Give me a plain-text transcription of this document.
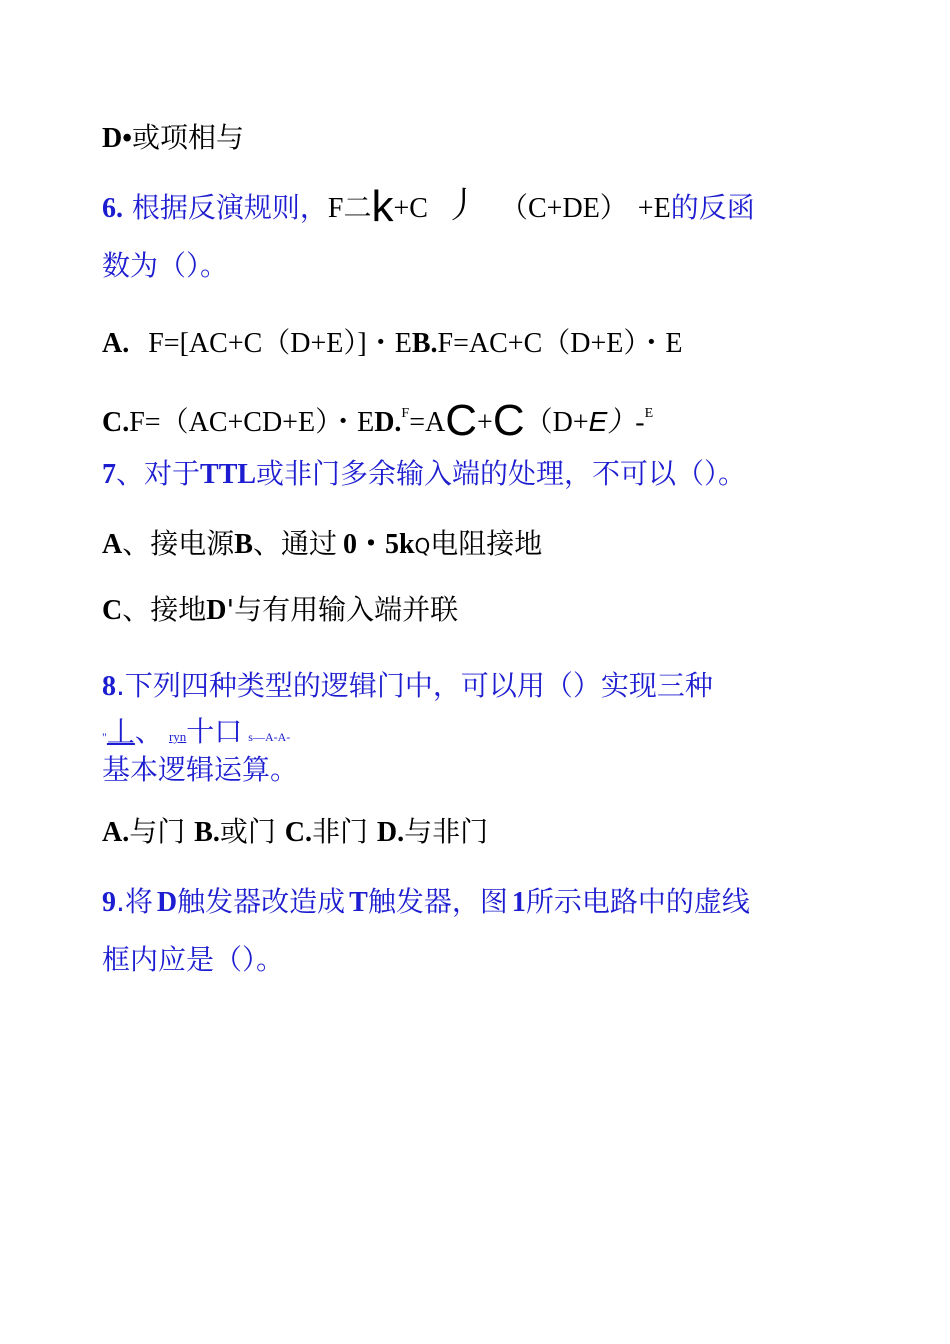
D•或项相与
6. 根据反演规则，F二k+C 丿 （C+DE） +E的反函
数为（）。
A. F=[AC+C（D+E）]・EB.F=AC+C（D+E）・E
C.F=（AC+CD+E）・ED.$^F$=AC+C（D+E）-$^E$
7、对于TTL或非门多余输入端的处理，不可以（）。
A、接电源B、通过 0・5kQ电阻接地
C、接地D'与有用输入端并联
8.下列四种类型的逻辑门中，可以用（）实现三种
"丄、 ryn十口 s—A-A-
基本逻辑运算。
A.与门 B.或门 C.非门 D.与非门
9.将 D触发器改造成 T触发器，图 1所示电路中的虚线
框内应是（）。
